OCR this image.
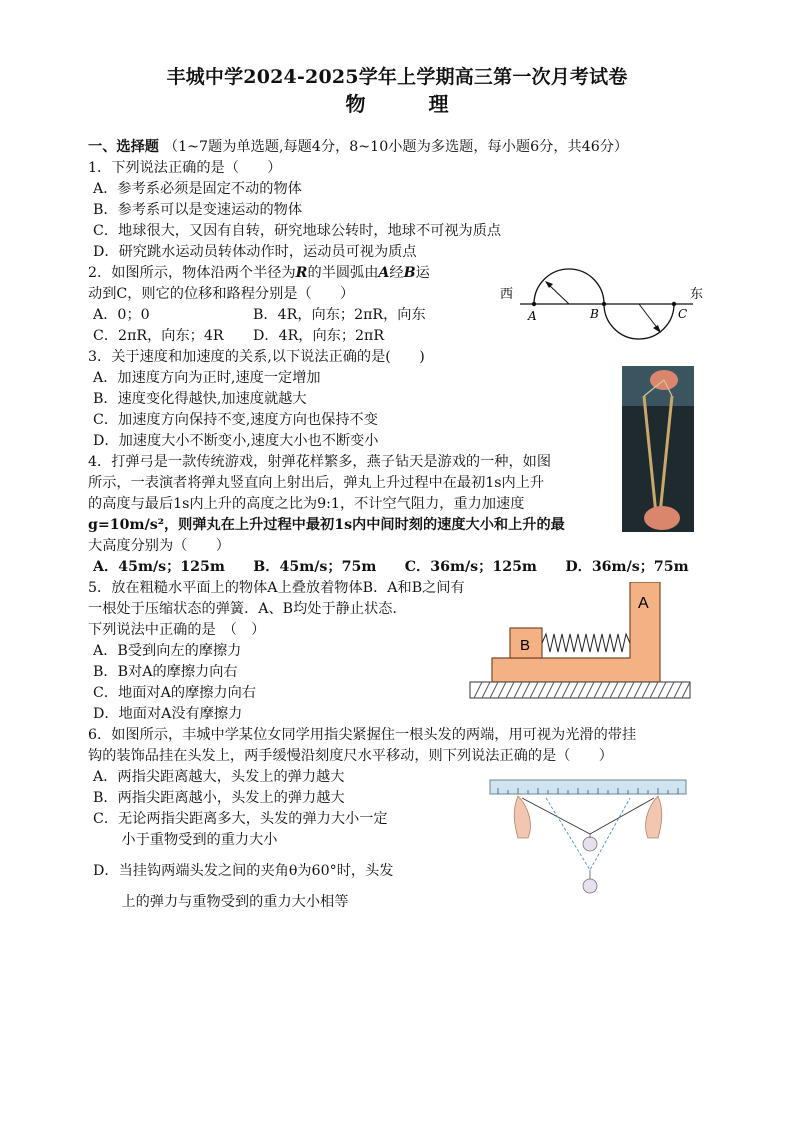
丰城中学2024-2025学年上学期高三第一次月考试卷
物 理
一、选择题 （1~7题为单选题,每题4分，8~10小题为多选题，每小题6分，共46分）
1．下列说法正确的是（　　）
A．参考系必须是固定不动的物体
B．参考系可以是变速运动的物体
C．地球很大，又因有自转，研究地球公转时，地球不可视为质点
D．研究跳水运动员转体动作时，运动员可视为质点
2．如图所示，物体沿两个半径为R的半圆弧由A经B运
动到C，则它的位移和路程分别是（　　）
A．0；0	B．4R，向东；2πR，向东
C．2πR，向东；4R D．4R，向东；2πR
西	东
A	B	C
3．关于速度和加速度的关系,以下说法正确的是(　　)
A．加速度方向为正时,速度一定增加
B．速度变化得越快,加速度就越大
C．加速度方向保持不变,速度方向也保持不变
D．加速度大小不断变小,速度大小也不断变小
4．打弹弓是一款传统游戏，射弹花样繁多，燕子钻天是游戏的一种，如图
所示，一表演者将弹丸竖直向上射出后，弹丸上升过程中在最初1s内上升
的高度与最后1s内上升的高度之比为9:1，不计空气阻力，重力加速度
g=10m/s²，则弹丸在上升过程中最初1s内中间时刻的速度大小和上升的最
大高度分别为（　　）
A．45m/s；125m　　B．45m/s；75m　　C．36m/s；125m　　D．36m/s；75m
5．放在粗糙水平面上的物体A上叠放着物体B．A和B之间有
一根处于压缩状态的弹簧．A、B均处于静止状态.
下列说法中正确的是　（　）
A．B受到向左的摩擦力
B．B对A的摩擦力向右
C．地面对A的摩擦力向右
D．地面对A没有摩擦力
A
B
6．如图所示，丰城中学某位女同学用指尖紧握住一根头发的两端，用可视为光滑的带挂
钩的装饰品挂在头发上，两手缓慢沿刻度尺水平移动，则下列说法正确的是（　　）
A．两指尖距离越大，头发上的弹力越大
B．两指尖距离越小，头发上的弹力越大
C．无论两指尖距离多大，头发的弹力大小一定
　　小于重物受到的重力大小
D．当挂钩两端头发之间的夹角θ为60°时，头发
　　上的弹力与重物受到的重力大小相等
